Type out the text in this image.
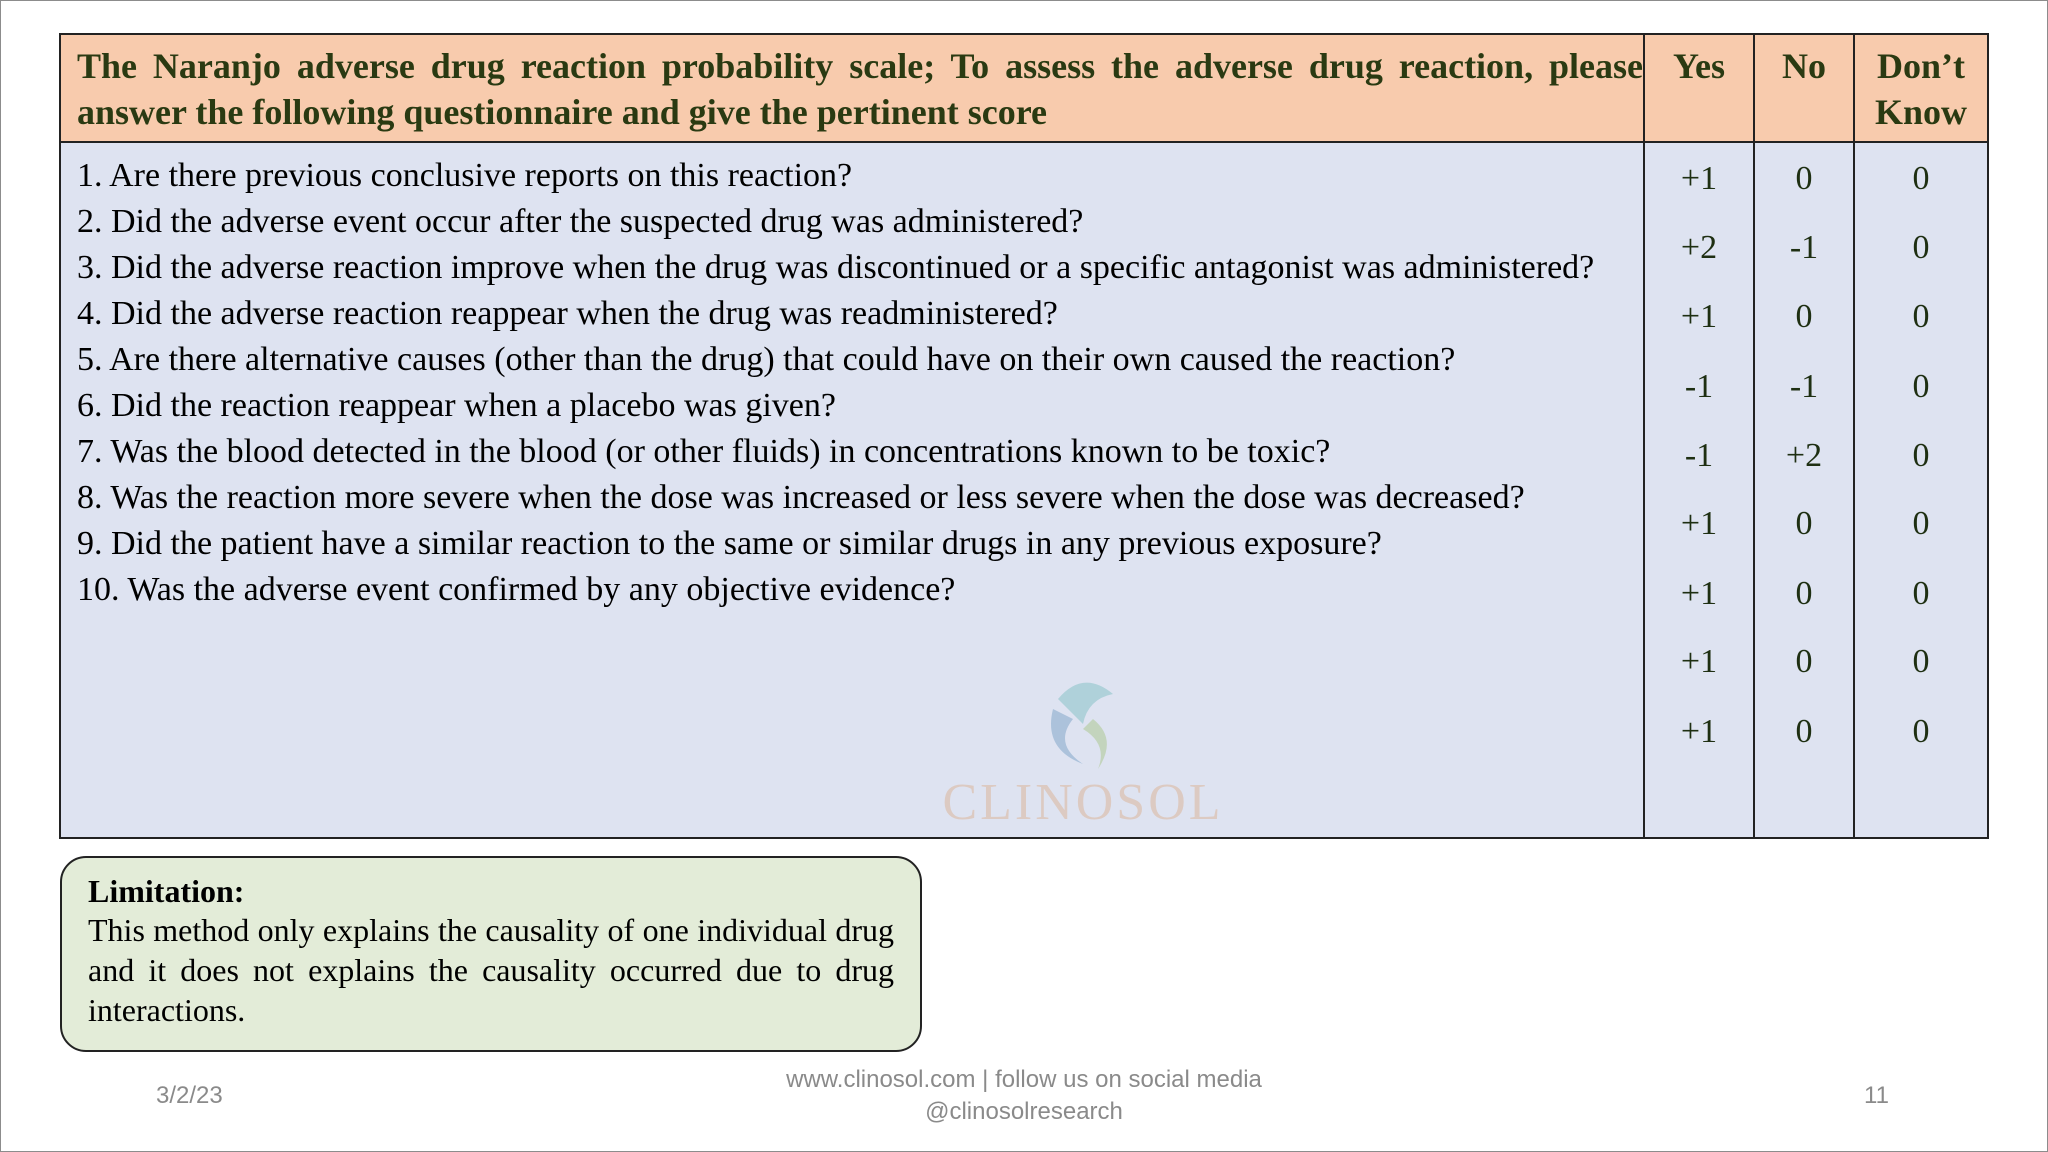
The Naranjo adverse drug reaction probability scale; To assess the adverse drug reaction, please answer the following questionnaire and give the pertinent score
Yes	No	Don’t
Know
1. Are there previous conclusive reports on this reaction?
2. Did the adverse event occur after the suspected drug was administered?
3. Did the adverse reaction improve when the drug was discontinued or a specific antagonist was administered?
4. Did the adverse reaction reappear when the drug was readministered?
5. Are there alternative causes (other than the drug) that could have on their own caused the reaction?
6. Did the reaction reappear when a placebo was given?
7. Was the blood detected in the blood (or other fluids) in concentrations known to be toxic?
8. Was the reaction more severe when the dose was increased or less severe when the dose was decreased?
9. Did the patient have a similar reaction to the same or similar drugs in any previous exposure?
10. Was the adverse event confirmed by any objective evidence?
CLINOSOL
+1
+2
+1
-1
-1
+1
+1
+1
+1
0
-1
0
-1
+2
0
0
0
0
0
0
0
0
0
0
0
0
0
Limitation:
This method only explains the causality of one individual drug and it does not explains the causality occurred due to drug interactions.
3/2/23
www.clinosol.com | follow us on social media
@clinosolresearch
11
